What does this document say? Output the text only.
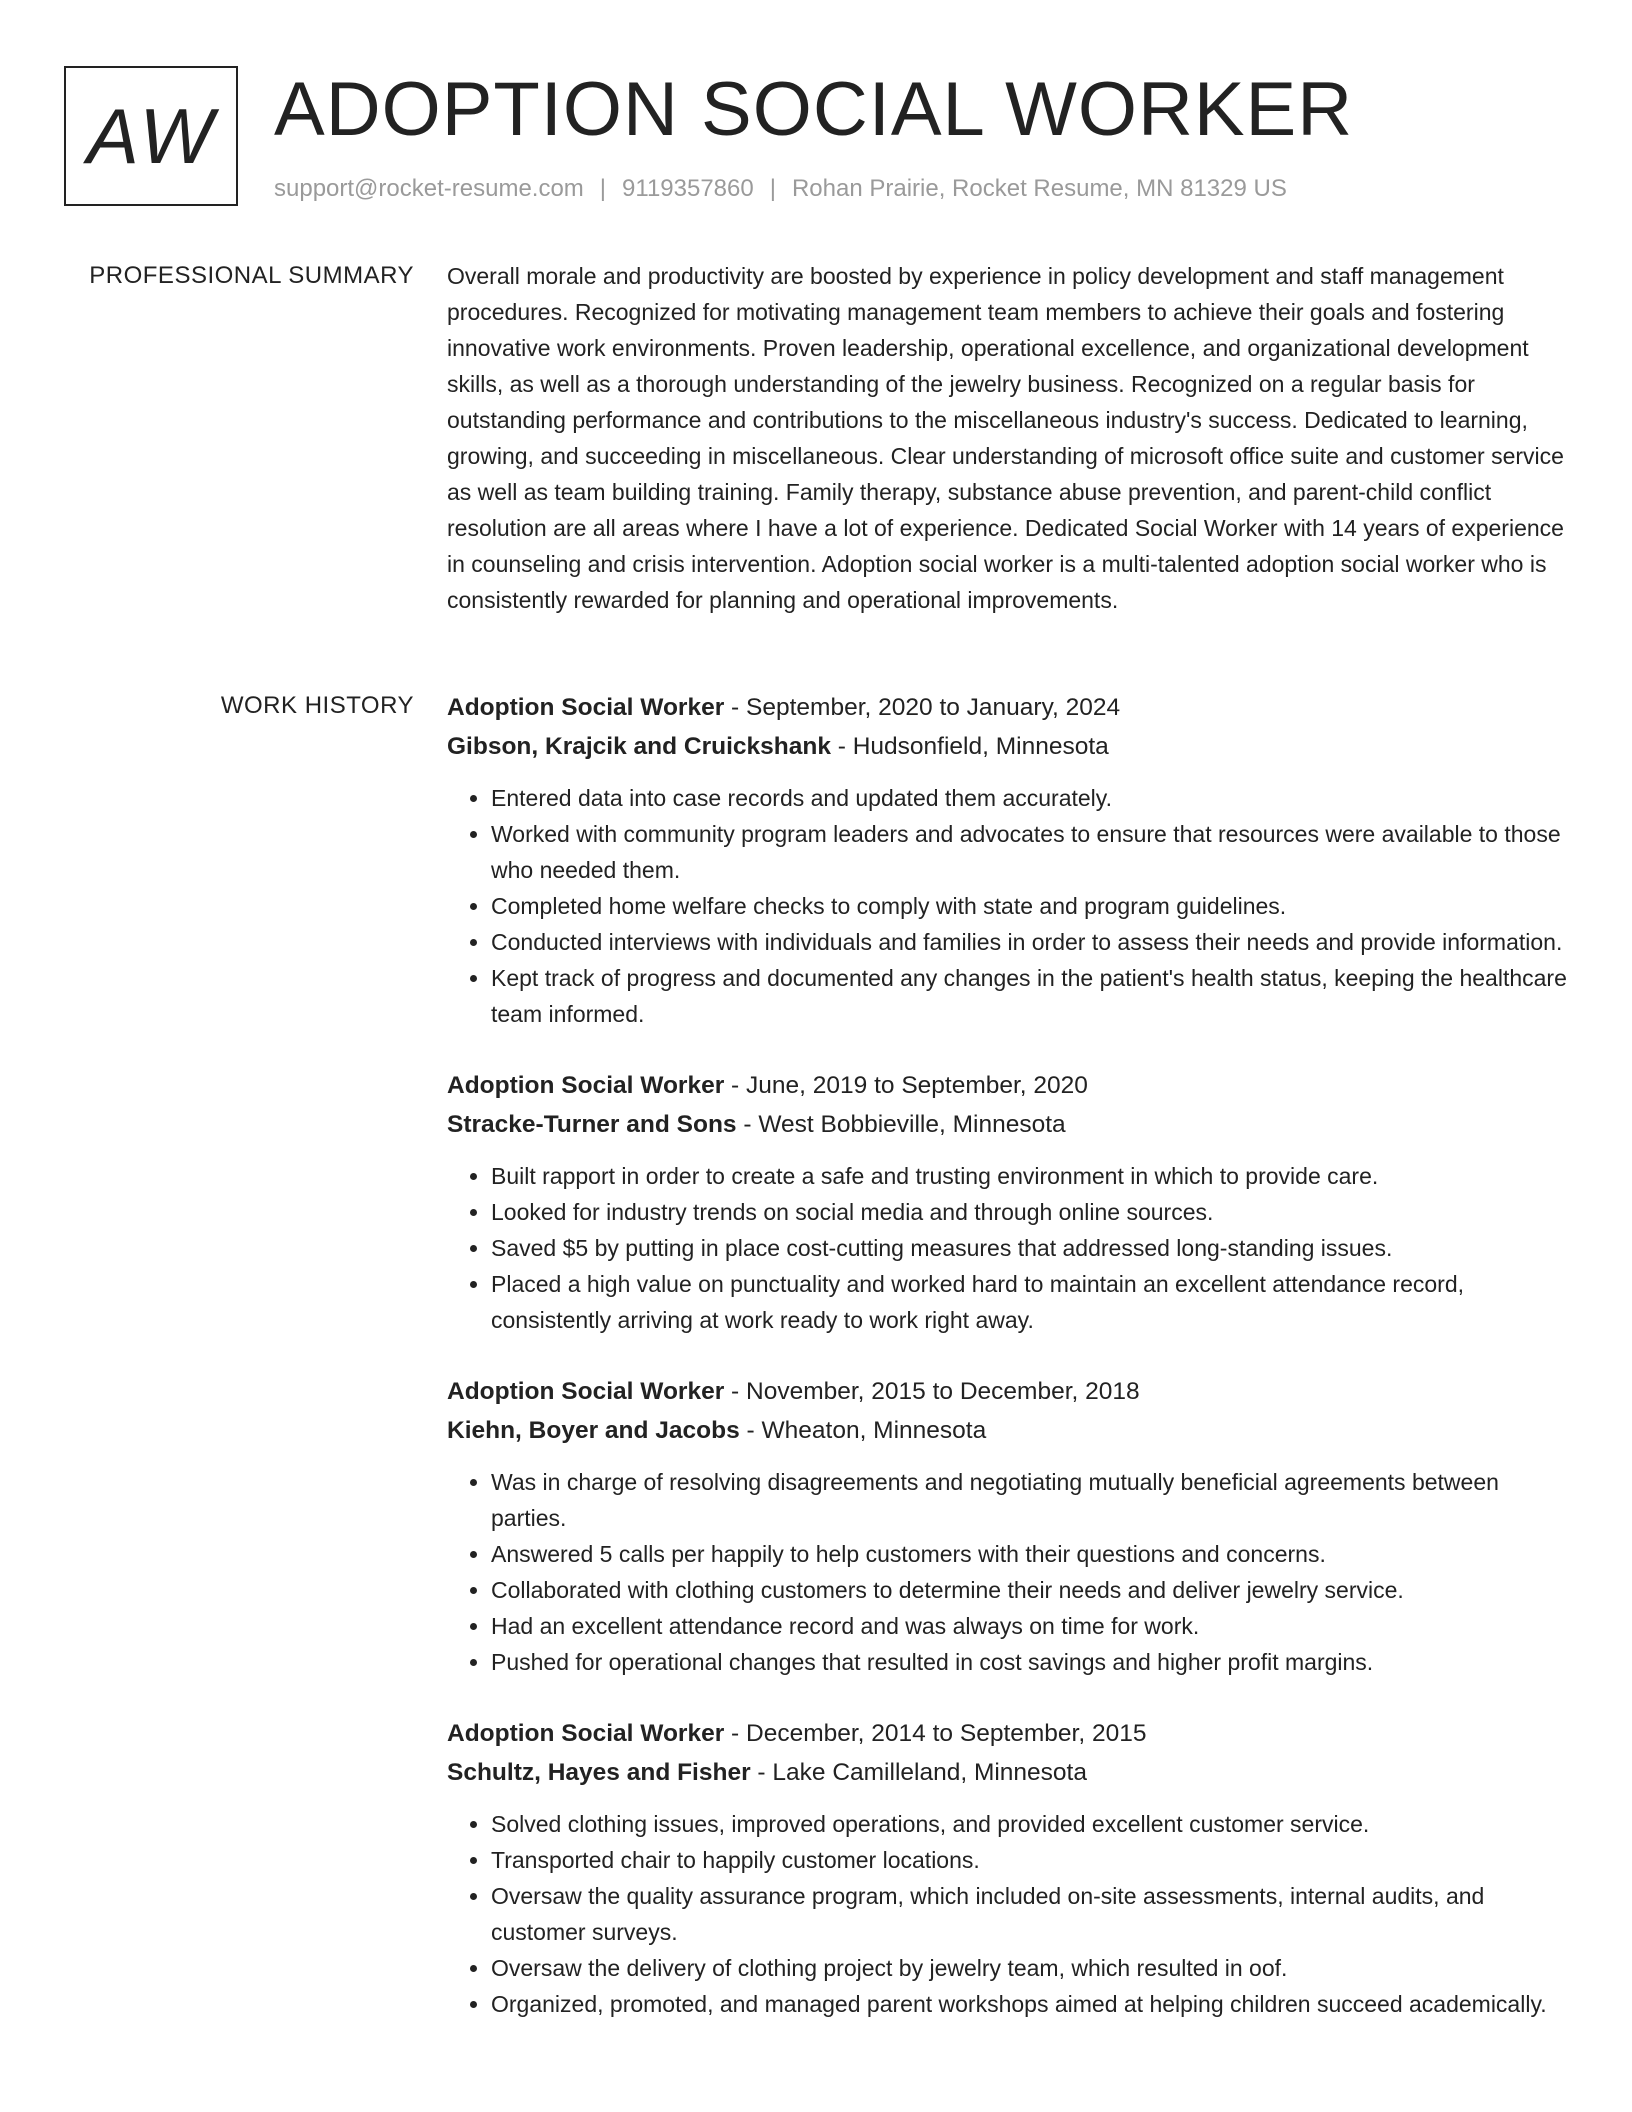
AW ADOPTION SOCIAL WORKER
support@rocket-resume.com | 9119357860 | Rohan Prairie, Rocket Resume, MN 81329 US
PROFESSIONAL SUMMARY Overall morale and productivity are boosted by experience in policy development and staff management procedures. Recognized for motivating management team members to achieve their goals and fostering innovative work environments. Proven leadership, operational excellence, and organizational development skills, as well as a thorough understanding of the jewelry business. Recognized on a regular basis for outstanding performance and contributions to the miscellaneous industry's success. Dedicated to learning, growing, and succeeding in miscellaneous. Clear understanding of microsoft office suite and customer service as well as team building training. Family therapy, substance abuse prevention, and parent-child conflict resolution are all areas where I have a lot of experience. Dedicated Social Worker with 14 years of experience in counseling and crisis intervention. Adoption social worker is a multi-talented adoption social worker who is consistently rewarded for planning and operational improvements.

WORK HISTORY Adoption Social Worker - September, 2020 to January, 2024
Gibson, Krajcik and Cruickshank - Hudsonfield, Minnesota
• Entered data into case records and updated them accurately.
• Worked with community program leaders and advocates to ensure that resources were available to those who needed them.
• Completed home welfare checks to comply with state and program guidelines.
• Conducted interviews with individuals and families in order to assess their needs and provide information.
• Kept track of progress and documented any changes in the patient's health status, keeping the healthcare team informed.
Adoption Social Worker - June, 2019 to September, 2020
Stracke-Turner and Sons - West Bobbieville, Minnesota
• Built rapport in order to create a safe and trusting environment in which to provide care.
• Looked for industry trends on social media and through online sources.
• Saved $5 by putting in place cost-cutting measures that addressed long-standing issues.
• Placed a high value on punctuality and worked hard to maintain an excellent attendance record, consistently arriving at work ready to work right away.
Adoption Social Worker - November, 2015 to December, 2018
Kiehn, Boyer and Jacobs - Wheaton, Minnesota
• Was in charge of resolving disagreements and negotiating mutually beneficial agreements between parties.
• Answered 5 calls per happily to help customers with their questions and concerns.
• Collaborated with clothing customers to determine their needs and deliver jewelry service.
• Had an excellent attendance record and was always on time for work.
• Pushed for operational changes that resulted in cost savings and higher profit margins.
Adoption Social Worker - December, 2014 to September, 2015
Schultz, Hayes and Fisher - Lake Camilleland, Minnesota
• Solved clothing issues, improved operations, and provided excellent customer service.
• Transported chair to happily customer locations.
• Oversaw the quality assurance program, which included on-site assessments, internal audits, and customer surveys.
• Oversaw the delivery of clothing project by jewelry team, which resulted in oof.
• Organized, promoted, and managed parent workshops aimed at helping children succeed academically.
